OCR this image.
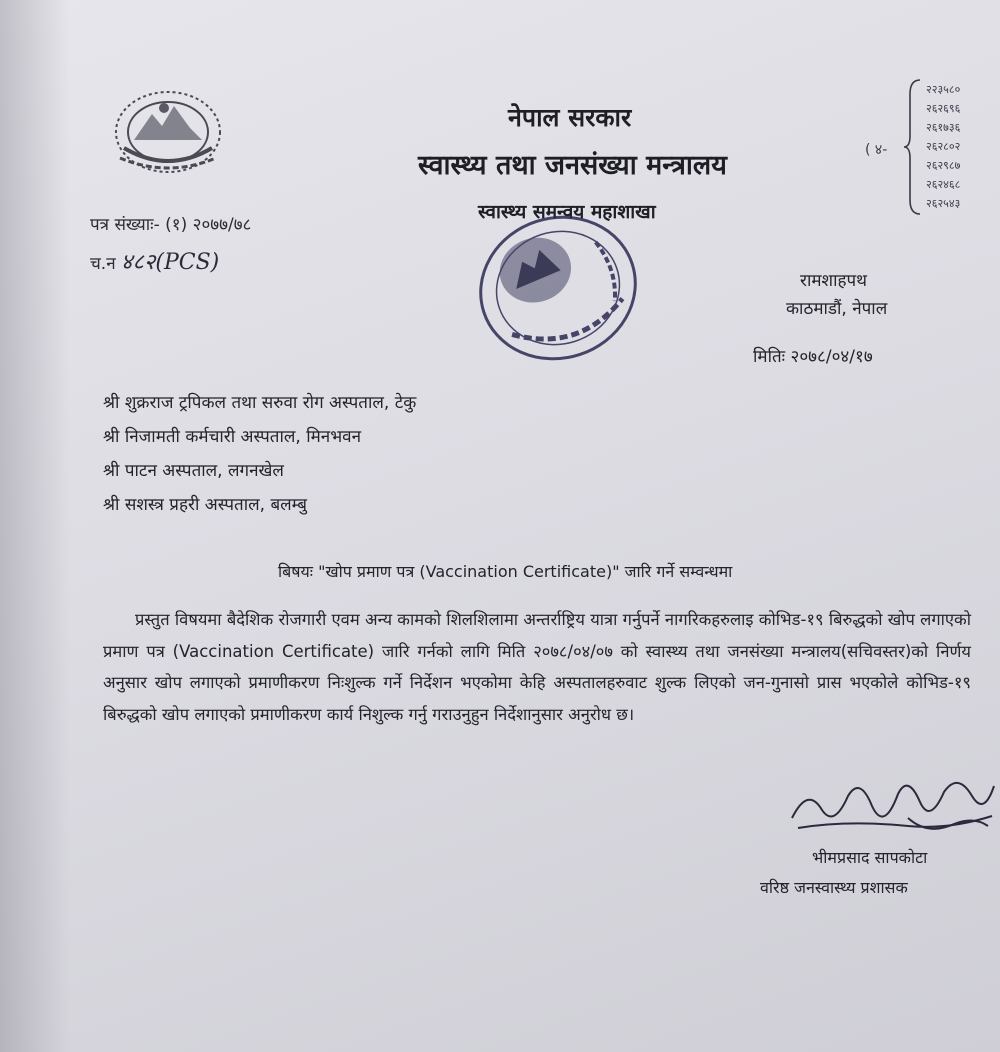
नेपाल सरकार
स्वास्थ्य तथा जनसंख्या मन्त्रालय
स्वास्थ्य समन्वय महाशाखा
( ४-
२२३५८०
२६२६९६
२६१७३६
२६२८०२
२६२९८७
२६२४६८
२६२५४३
पत्र संख्याः- (१) २०७७/७८
च.न ४८२(PCS)
रामशाहपथ
काठमाडौं, नेपाल
मितिः २०७८/०४/१७
श्री शुक्रराज ट्रपिकल तथा सरुवा रोग अस्पताल, टेकु
श्री निजामती कर्मचारी अस्पताल, मिनभवन
श्री पाटन अस्पताल, लगनखेल
श्री सशस्त्र प्रहरी अस्पताल, बलम्बु
बिषयः "खोप प्रमाण पत्र (Vaccination Certificate)" जारि गर्ने सम्वन्धमा
प्रस्तुत विषयमा बैदेशिक रोजगारी एवम अन्य कामको शिलशिलामा अन्तर्राष्ट्रिय यात्रा गर्नुपर्ने नागरिकहरुलाइ कोभिड-१९ बिरुद्धको खोप लगाएको प्रमाण पत्र (Vaccination Certificate) जारि गर्नको लागि मिति २०७८/०४/०७ को स्वास्थ्य तथा जनसंख्या मन्त्रालय(सचिवस्तर)को निर्णय अनुसार खोप लगाएको प्रमाणीकरण निःशुल्क गर्ने निर्देशन भएकोमा केहि अस्पतालहरुवाट शुल्क लिएको जन-गुनासो प्रास भएकोले कोभिड-१९ बिरुद्धको खोप लगाएको प्रमाणीकरण कार्य निशुल्क गर्नु गराउनुहुन निर्देशानुसार अनुरोध छ।
भीमप्रसाद सापकोटा
वरिष्ठ जनस्वास्थ्य प्रशासक
